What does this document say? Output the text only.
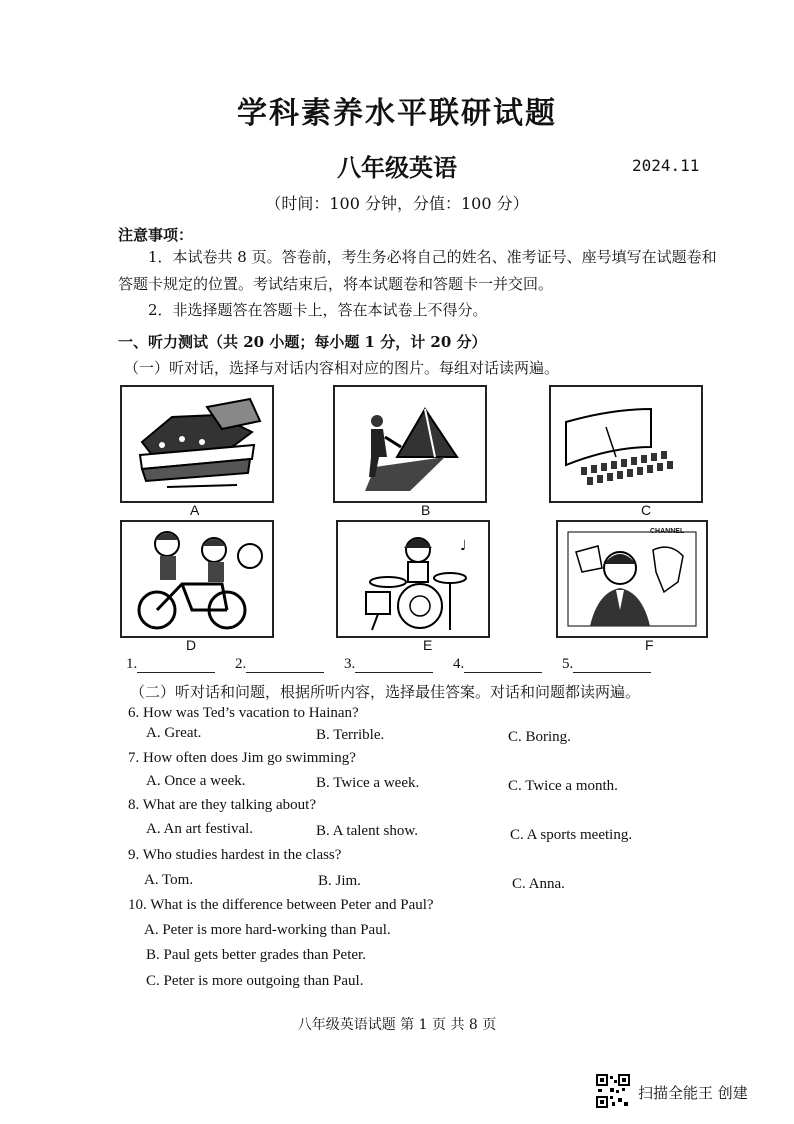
学科素养水平联研试题
八年级英语	2024.11
（时间：100 分钟，分值：100 分）
注意事项：
1．本试卷共 8 页。答卷前，考生务必将自己的姓名、准考证号、座号填写在试题卷和答题卡规定的位置。考试结束后，将本试题卷和答题卡一并交回。
2．非选择题答在答题卡上，答在本试卷上不得分。
一、听力测试（共 20 小题；每小题 1 分，计 20 分）
（一）听对话，选择与对话内容相对应的图片。每组对话读两遍。
A	B	C
D
♩
E
CHANNEL
F
1.	2.	3.	4.	5.
（二）听对话和问题，根据所听内容，选择最佳答案。对话和问题都读两遍。
6. How was Ted’s vacation to Hainan?
A. Great.	B. Terrible.	C. Boring.
7. How often does Jim go swimming?
A. Once a week.	B. Twice a week.	C. Twice a month.
8. What are they talking about?
A. An art festival.	B. A talent show.	C. A sports meeting.
9. Who studies hardest in the class?
A. Tom.	B. Jim.	C. Anna.
10. What is the difference between Peter and Paul?
A. Peter is more hard-working than Paul.
B. Paul gets better grades than Peter.
C. Peter is more outgoing than Paul.
八年级英语试题 第 1 页 共 8 页
扫描全能王 创建
